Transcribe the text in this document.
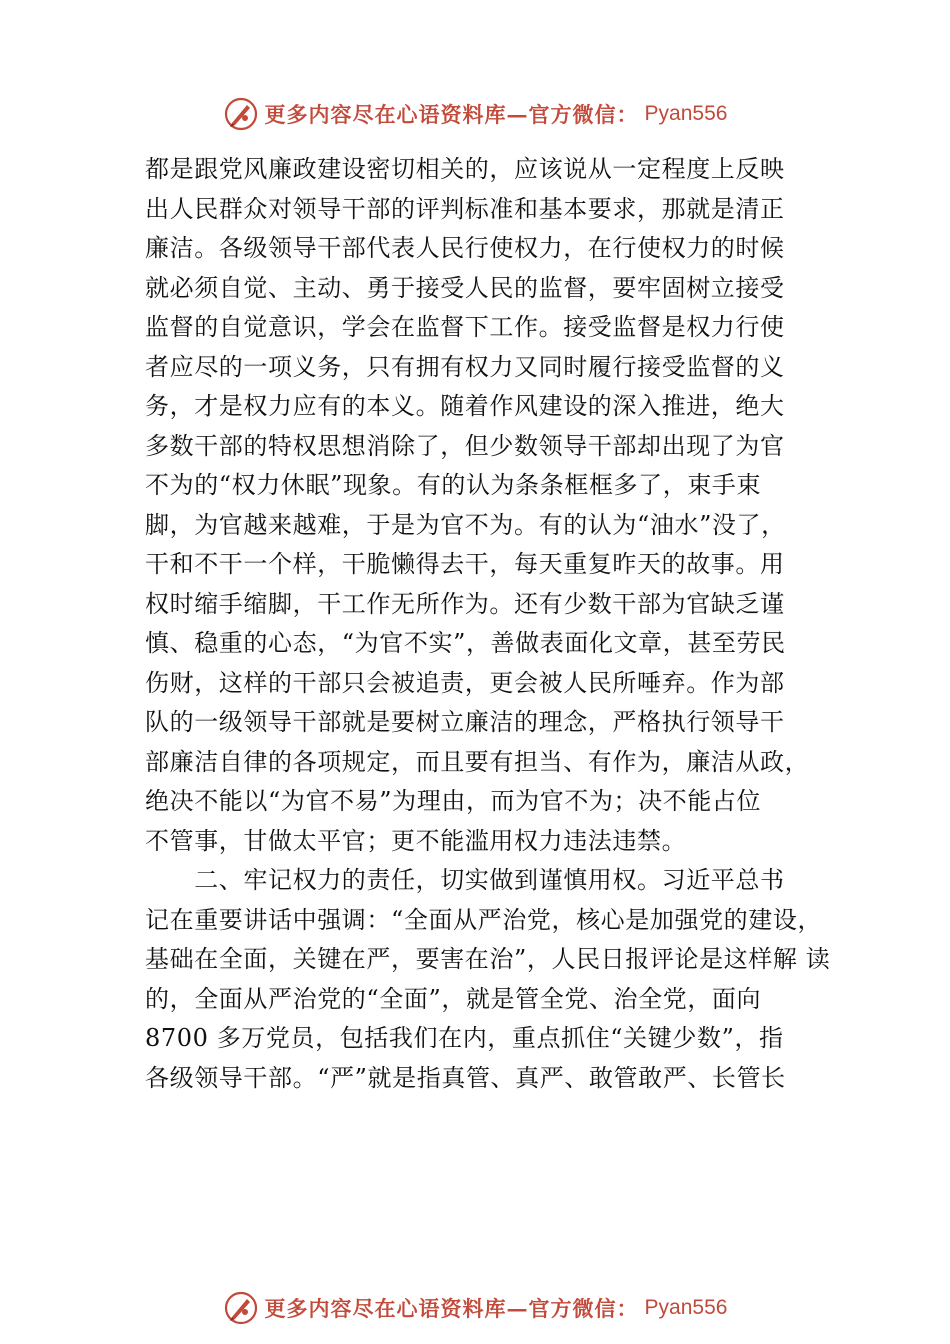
更多内容尽在心语资料库—官方微信： Pyan556
都是跟党风廉政建设密切相关的，应该说从一定程度上反映
出人民群众对领导干部的评判标准和基本要求，那就是清正
廉洁。各级领导干部代表人民行使权力，在行使权力的时候
就必须自觉、主动、勇于接受人民的监督，要牢固树立接受
监督的自觉意识，学会在监督下工作。接受监督是权力行使
者应尽的一项义务，只有拥有权力又同时履行接受监督的义
务，才是权力应有的本义。随着作风建设的深入推进，绝大
多数干部的特权思想消除了，但少数领导干部却出现了为官
不为的“权力休眠”现象。有的认为条条框框多了，束手束
脚，为官越来越难，于是为官不为。有的认为“油水”没了，
干和不干一个样，干脆懒得去干，每天重复昨天的故事。用
权时缩手缩脚，干工作无所作为。还有少数干部为官缺乏谨
慎、稳重的心态，“为官不实”，善做表面化文章，甚至劳民
伤财，这样的干部只会被追责，更会被人民所唾弃。作为部
队的一级领导干部就是要树立廉洁的理念，严格执行领导干
部廉洁自律的各项规定，而且要有担当、有作为，廉洁从政，
绝决不能以“为官不易”为理由，而为官不为；决不能占位
不管事，甘做太平官；更不能滥用权力违法违禁。
　　二、牢记权力的责任，切实做到谨慎用权。习近平总书
记在重要讲话中强调：“全面从严治党，核心是加强党的建设，
基础在全面，关键在严，要害在治”，人民日报评论是这样解 读
的，全面从严治党的“全面”，就是管全党、治全党，面向
8700 多万党员，包括我们在内，重点抓住“关键少数”，指
各级领导干部。“严”就是指真管、真严、敢管敢严、长管长
更多内容尽在心语资料库—官方微信： Pyan556
